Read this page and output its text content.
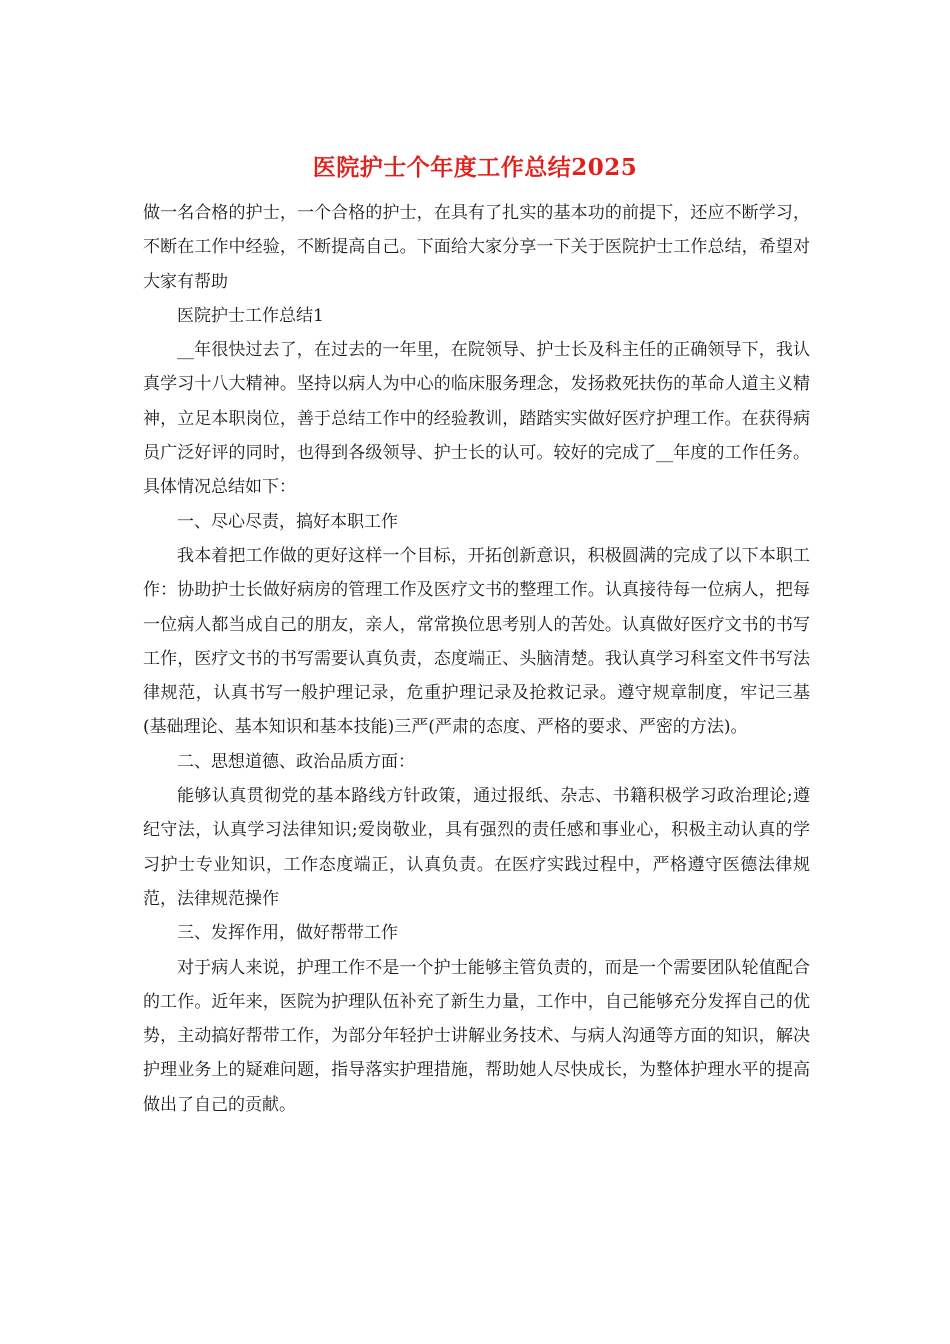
医院护士个年度工作总结2025

做一名合格的护士，一个合格的护士，在具有了扎实的基本功的前提下，还应不断学习，不断在工作中经验，不断提高自己。下面给大家分享一下关于医院护士工作总结，希望对大家有帮助

医院护士工作总结1

__年很快过去了，在过去的一年里，在院领导、护士长及科主任的正确领导下，我认真学习十八大精神。坚持以病人为中心的临床服务理念，发扬救死扶伤的革命人道主义精神，立足本职岗位，善于总结工作中的经验教训，踏踏实实做好医疗护理工作。在获得病员广泛好评的同时，也得到各级领导、护士长的认可。较好的完成了__年度的工作任务。具体情况总结如下：

一、尽心尽责，搞好本职工作

我本着把工作做的更好这样一个目标，开拓创新意识，积极圆满的完成了以下本职工作：协助护士长做好病房的管理工作及医疗文书的整理工作。认真接待每一位病人，把每一位病人都当成自己的朋友，亲人，常常换位思考别人的苦处。认真做好医疗文书的书写工作，医疗文书的书写需要认真负责，态度端正、头脑清楚。我认真学习科室文件书写法律规范，认真书写一般护理记录，危重护理记录及抢救记录。遵守规章制度，牢记三基(基础理论、基本知识和基本技能)三严(严肃的态度、严格的要求、严密的方法)。

二、思想道德、政治品质方面：

能够认真贯彻党的基本路线方针政策，通过报纸、杂志、书籍积极学习政治理论;遵纪守法，认真学习法律知识;爱岗敬业，具有强烈的责任感和事业心，积极主动认真的学习护士专业知识，工作态度端正，认真负责。在医疗实践过程中，严格遵守医德法律规范，法律规范操作

三、发挥作用，做好帮带工作

对于病人来说，护理工作不是一个护士能够主管负责的，而是一个需要团队轮值配合的工作。近年来，医院为护理队伍补充了新生力量，工作中，自己能够充分发挥自己的优势，主动搞好帮带工作，为部分年轻护士讲解业务技术、与病人沟通等方面的知识，解决护理业务上的疑难问题，指导落实护理措施，帮助她人尽快成长，为整体护理水平的提高做出了自己的贡献。
